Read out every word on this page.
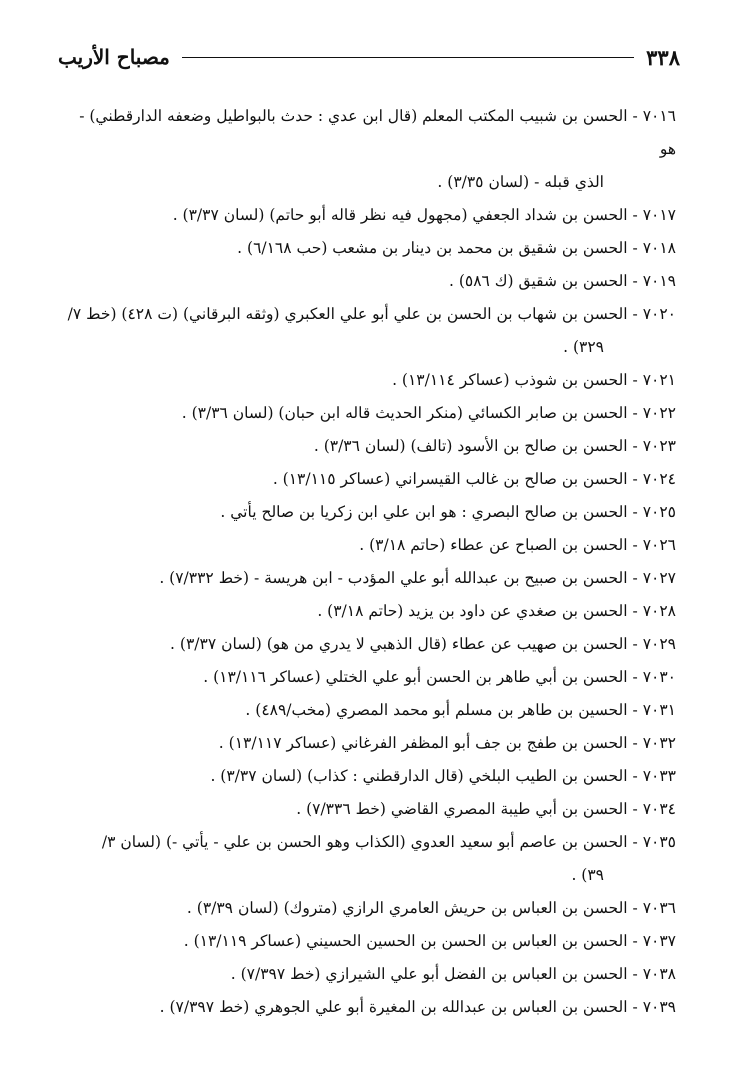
٣٣٨
مصباح الأريب
٧٠١٦ - الحسن بن شبيب المكتب المعلم (قال ابن عدي : حدث بالبواطيل وضعفه الدارقطني) - هو
الذي قبله - (لسان ٣/٣٥) .
٧٠١٧ - الحسن بن شداد الجعفي (مجهول فيه نظر قاله أبو حاتم) (لسان ٣/٣٧) .
٧٠١٨ - الحسن بن شقيق بن محمد بن دينار بن مشعب (حب ٦/١٦٨) .
٧٠١٩ - الحسن بن شقيق (ك ٥٨٦) .
٧٠٢٠ - الحسن بن شهاب بن الحسن بن علي أبو علي العكبري (وثقه البرقاني) (ت ٤٢٨) (خط ٧/
٣٢٩) .
٧٠٢١ - الحسن بن شوذب (عساكر ١٣/١١٤) .
٧٠٢٢ - الحسن بن صابر الكسائي (منكر الحديث قاله ابن حبان) (لسان ٣/٣٦) .
٧٠٢٣ - الحسن بن صالح بن الأسود (تالف) (لسان ٣/٣٦) .
٧٠٢٤ - الحسن بن صالح بن غالب القيسراني (عساكر ١٣/١١٥) .
٧٠٢٥ - الحسن بن صالح البصري : هو ابن علي ابن زكريا بن صالح يأتي .
٧٠٢٦ - الحسن بن الصباح عن عطاء (حاتم ٣/١٨) .
٧٠٢٧ - الحسن بن صبيح بن عبدالله أبو علي المؤدب - ابن هريسة - (خط ٧/٣٣٢) .
٧٠٢٨ - الحسن بن صغدي عن داود بن يزيد (حاتم ٣/١٨) .
٧٠٢٩ - الحسن بن صهيب عن عطاء (قال الذهبي لا يدري من هو) (لسان ٣/٣٧) .
٧٠٣٠ - الحسن بن أبي طاهر بن الحسن أبو علي الختلي (عساكر ١٣/١١٦) .
٧٠٣١ - الحسين بن طاهر بن مسلم أبو محمد المصري (مخب/٤٨٩) .
٧٠٣٢ - الحسن بن طفج بن جف أبو المظفر الفرغاني (عساكر ١٣/١١٧) .
٧٠٣٣ - الحسن بن الطيب البلخي (قال الدارقطني : كذاب) (لسان ٣/٣٧) .
٧٠٣٤ - الحسن بن أبي طيبة المصري القاضي (خط ٧/٣٣٦) .
٧٠٣٥ - الحسن بن عاصم أبو سعيد العدوي (الكذاب وهو الحسن بن علي - يأتي -) (لسان ٣/
٣٩) .
٧٠٣٦ - الحسن بن العباس بن حريش العامري الرازي (متروك) (لسان ٣/٣٩) .
٧٠٣٧ - الحسن بن العباس بن الحسن بن الحسين الحسيني (عساكر ١٣/١١٩) .
٧٠٣٨ - الحسن بن العباس بن الفضل أبو علي الشيرازي (خط ٧/٣٩٧) .
٧٠٣٩ - الحسن بن العباس بن عبدالله بن المغيرة أبو علي الجوهري (خط ٧/٣٩٧) .
